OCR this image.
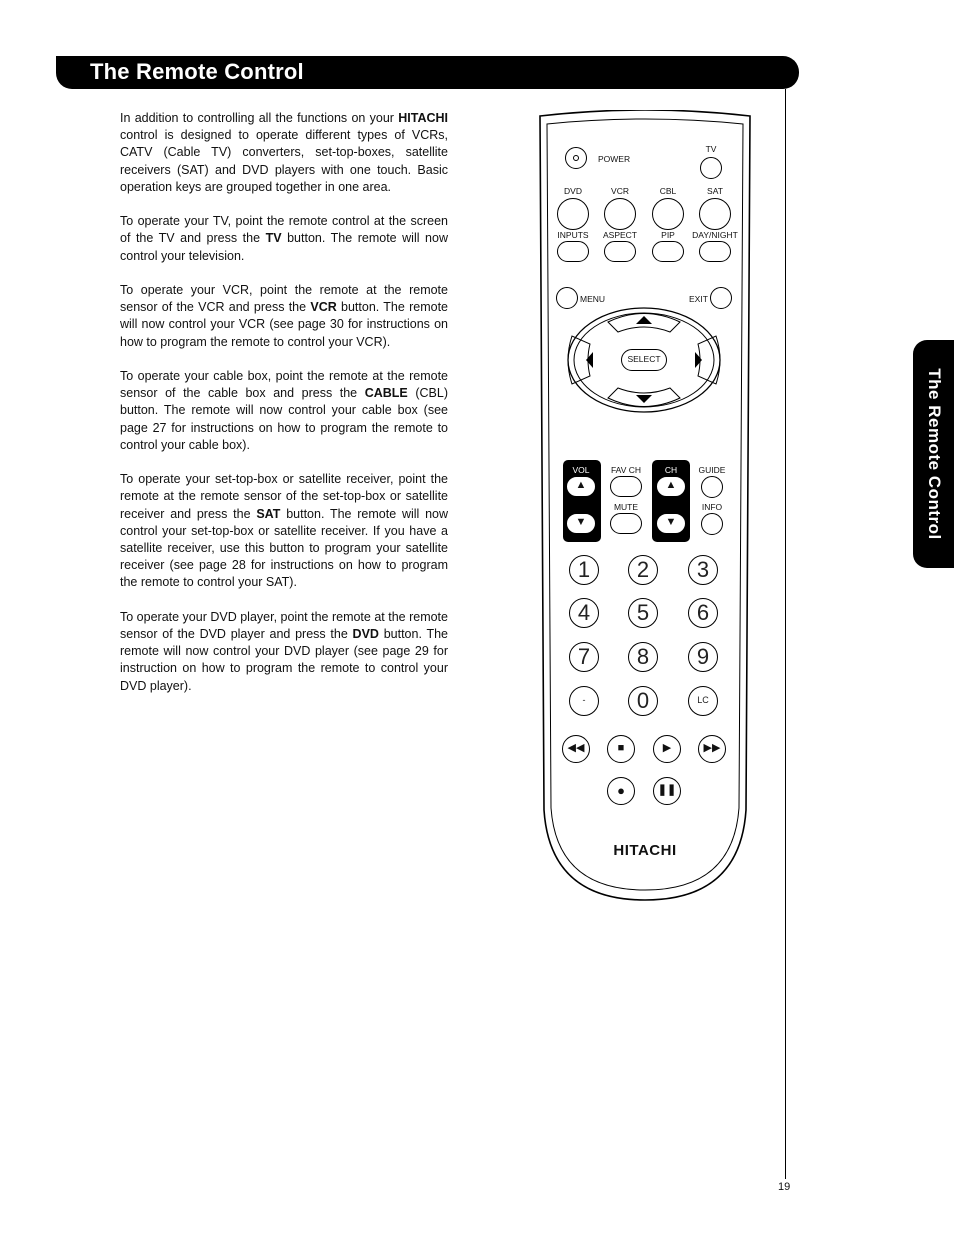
The Remote Control
The Remote Control
19

In addition to controlling all the functions on your HITACHI control is designed to operate different types of VCRs, CATV (Cable TV) converters, set-top-boxes, satellite receivers (SAT) and DVD players with one touch. Basic operation keys are grouped together in one area.

To operate your TV, point the remote control at the screen of the TV and press the TV button. The remote will now control your television.

To operate your VCR, point the remote at the remote sensor of the VCR and press the VCR button. The remote will now control your VCR (see page 30 for instructions on how to program the remote to control your VCR).

To operate your cable box, point the remote at the remote sensor of the cable box and press the CABLE (CBL) button. The remote will now control your cable box (see page 27 for instructions on how to program the remote to control your cable box).

To operate your set-top-box or satellite receiver, point the remote at the remote sensor of the set-top-box or satellite receiver and press the SAT button. The remote will now control your set-top-box or satellite receiver. If you have a satellite receiver, use this button to program your satellite receiver (see page 28 for instructions on how to program the remote to control your SAT).

To operate your DVD player, point the remote at the remote sensor of the DVD player and press the DVD button. The remote will now control your DVD player (see page 29 for instruction on how to program the remote to control your DVD player).

POWER
TV
DVD	VCR	CBL	SAT
INPUTS ASPECT	PIP DAY/NIGHT
MENU	EXIT
SELECT
VOL
▲
▼
FAV CH
MUTE
CH
▲
▼
GUIDE
INFO
1	2	3
4	5	6
7	8	9
-	0	LC
◀◀	■	▶	▶▶
●	❚❚
HITACHI
